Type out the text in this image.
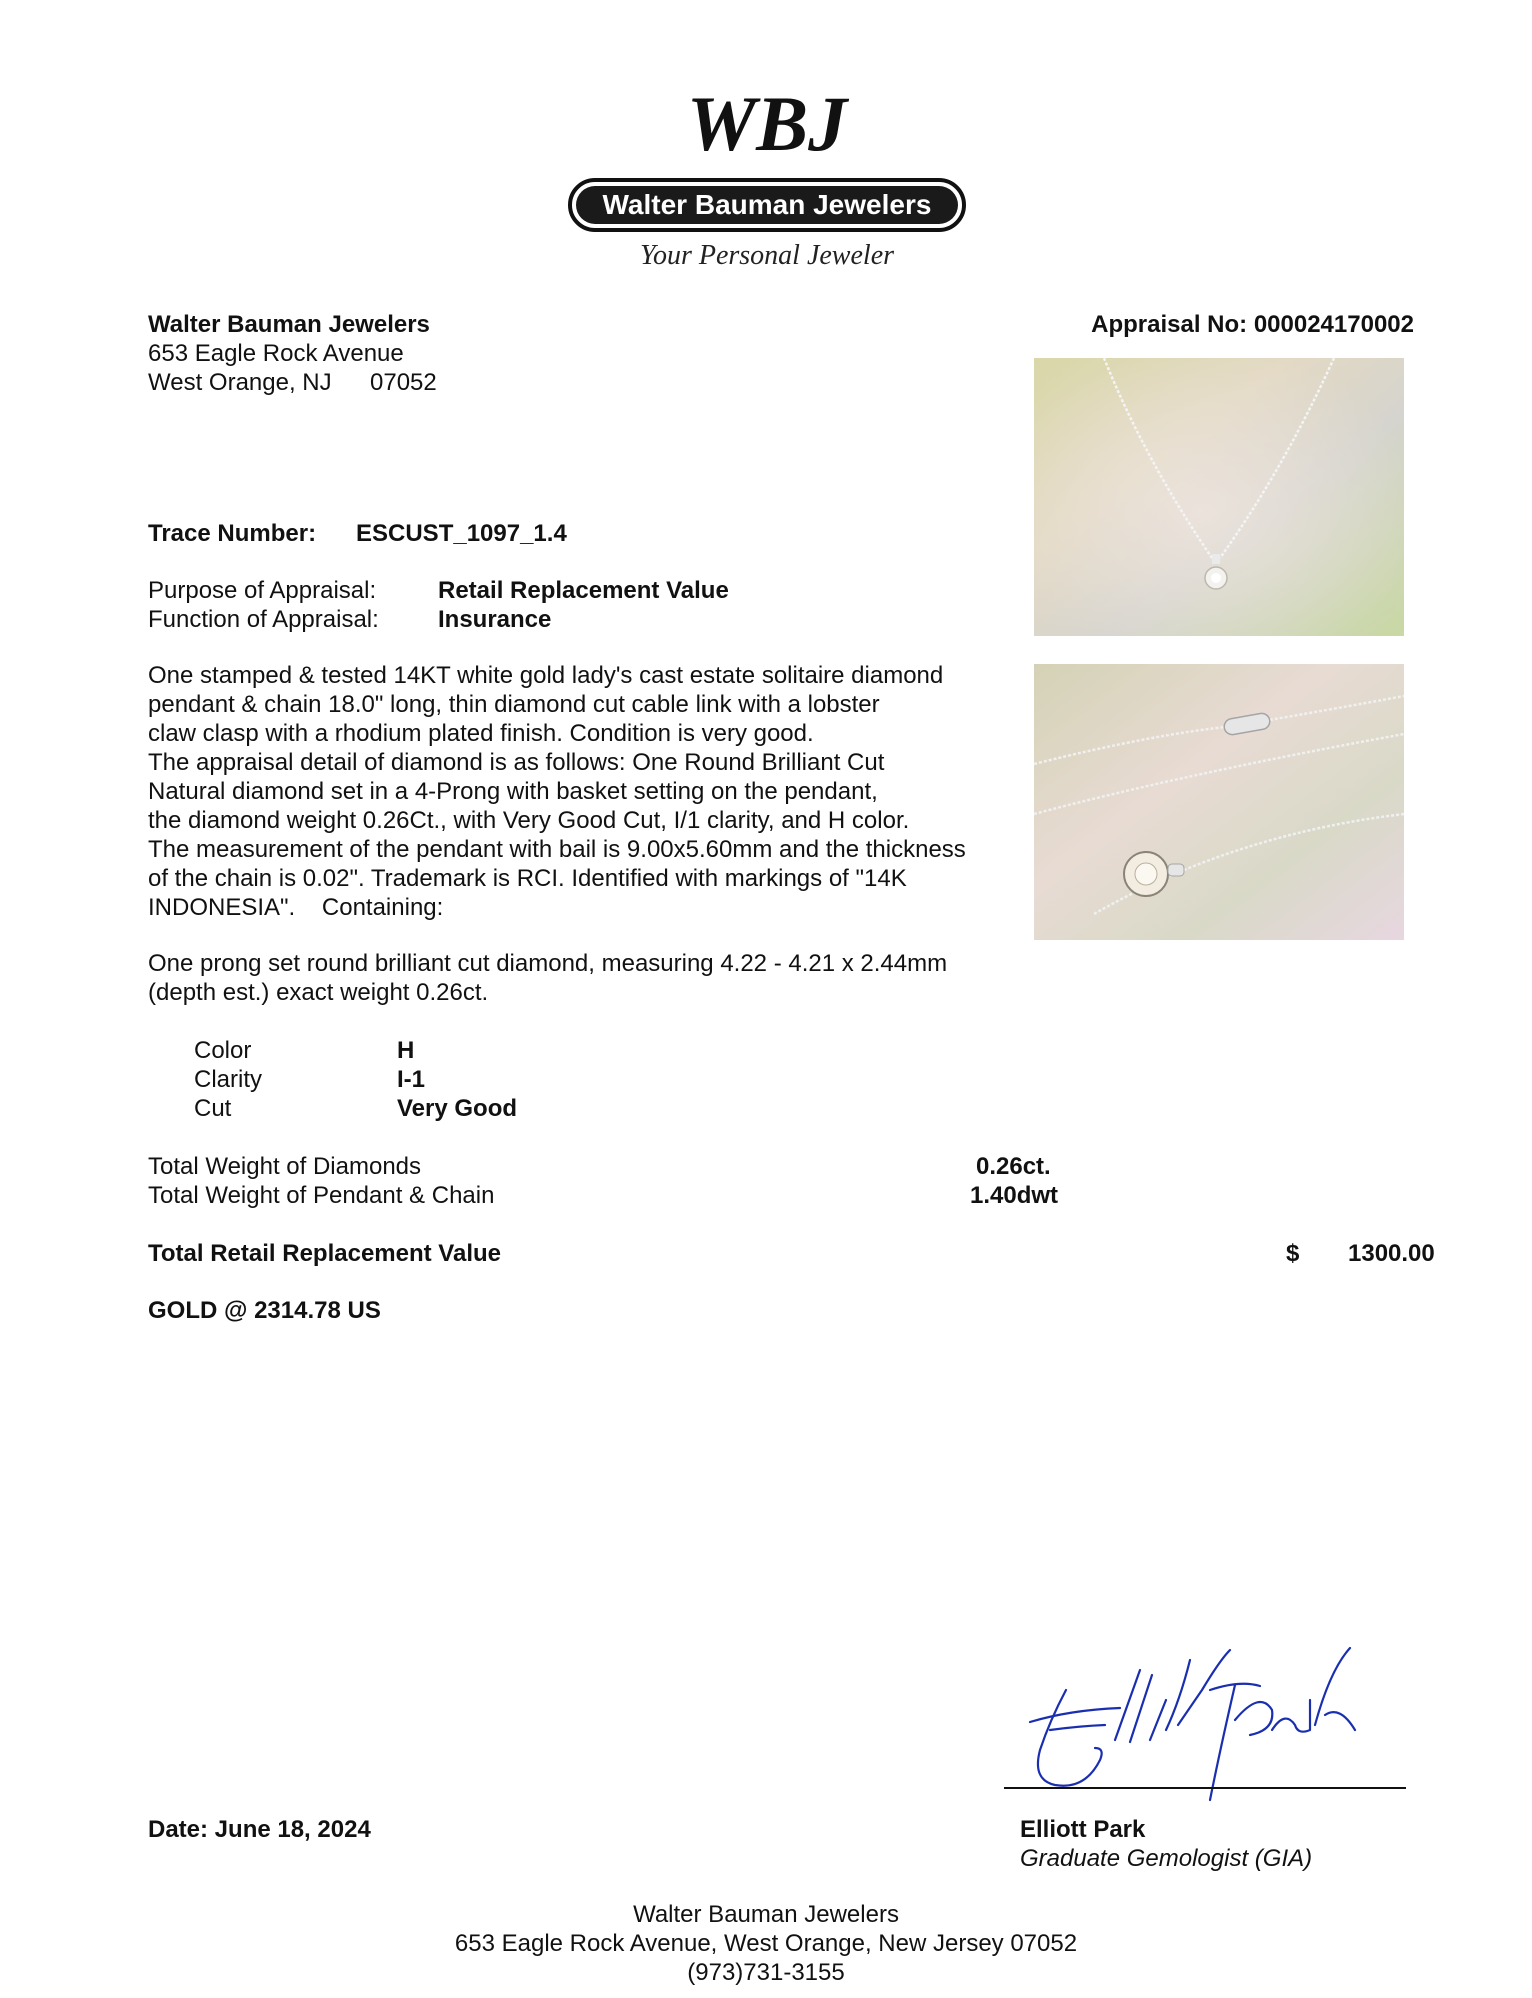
WBJ
Walter Bauman Jewelers
Your Personal Jeweler
Walter Bauman Jewelers
653 Eagle Rock Avenue
West Orange, NJ 07052
Appraisal No: 000024170002
Trace Number: ESCUST_1097_1.4
Purpose of Appraisal:	Retail Replacement Value
Function of Appraisal: Insurance
One stamped & tested 14KT white gold lady's cast estate solitaire diamond
pendant & chain 18.0" long, thin diamond cut cable link with a lobster
claw clasp with a rhodium plated finish. Condition is very good.
The appraisal detail of diamond is as follows: One Round Brilliant Cut
Natural diamond set in a 4-Prong with basket setting on the pendant,
the diamond weight 0.26Ct., with Very Good Cut, I/1 clarity, and H color.
The measurement of the pendant with bail is 9.00x5.60mm and the thickness
of the chain is 0.02". Trademark is RCI. Identified with markings of "14K
INDONESIA".    Containing:
One prong set round brilliant cut diamond, measuring 4.22 - 4.21 x 2.44mm
(depth est.) exact weight 0.26ct.
Color	H
Clarity	I-1
Cut	Very Good
Total Weight of Diamonds	0.26ct.
Total Weight of Pendant & Chain	1.40dwt
Total Retail Replacement Value	$ 1300.00
GOLD @ 2314.78 US
Date: June 18, 2024	Elliott Park
Graduate Gemologist (GIA)
Walter Bauman Jewelers
653 Eagle Rock Avenue, West Orange, New Jersey 07052
(973)731-3155
